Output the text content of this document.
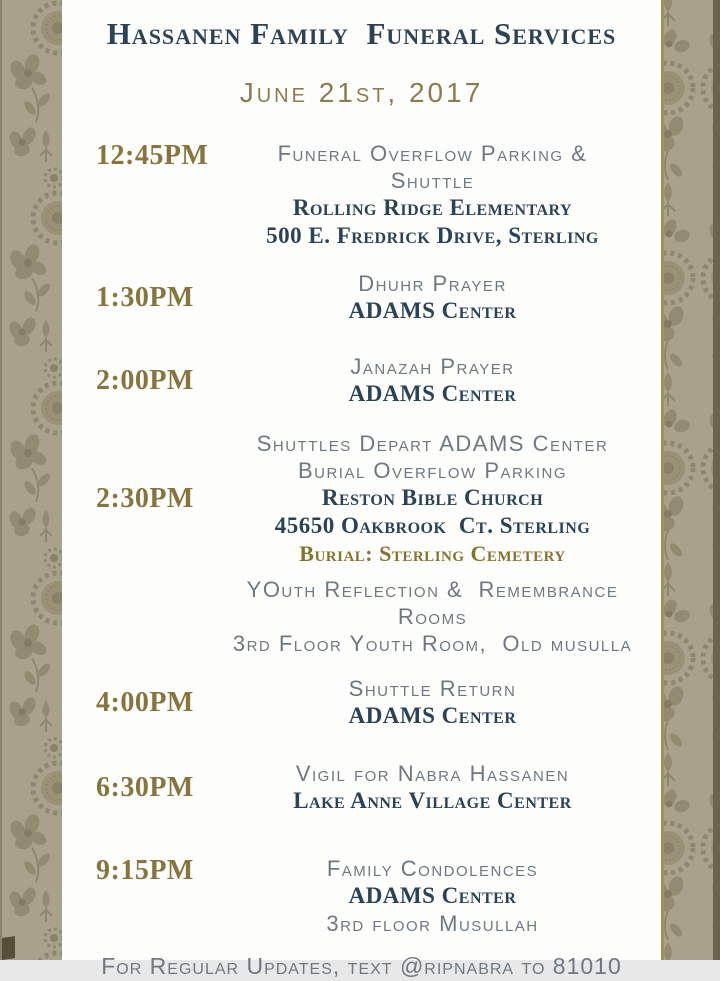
Hassanen Family  Funeral Services
June 21st, 2017
12:45PM	Funeral Overflow Parking &
Shuttle
Rolling Ridge Elementary
500 E. Fredrick Drive, Sterling
1:30PM	Dhuhr Prayer
ADAMS Center
2:00PM	Janazah Prayer
ADAMS Center
2:30PM
Shuttles Depart ADAMS Center
Burial Overflow Parking
Reston Bible Church
45650 Oakbrook  Ct. Sterling
Burial: Sterling Cemetery
YOuth Reflection &  Remembrance Rooms
3rd Floor Youth Room,  Old musulla
4:00PM	Shuttle Return
ADAMS Center
6:30PM	Vigil for Nabra Hassanen
Lake Anne Village Center
9:15PM	Family Condolences
ADAMS Center
3rd floor Musullah
For Regular Updates, text @ripnabra to 81010
